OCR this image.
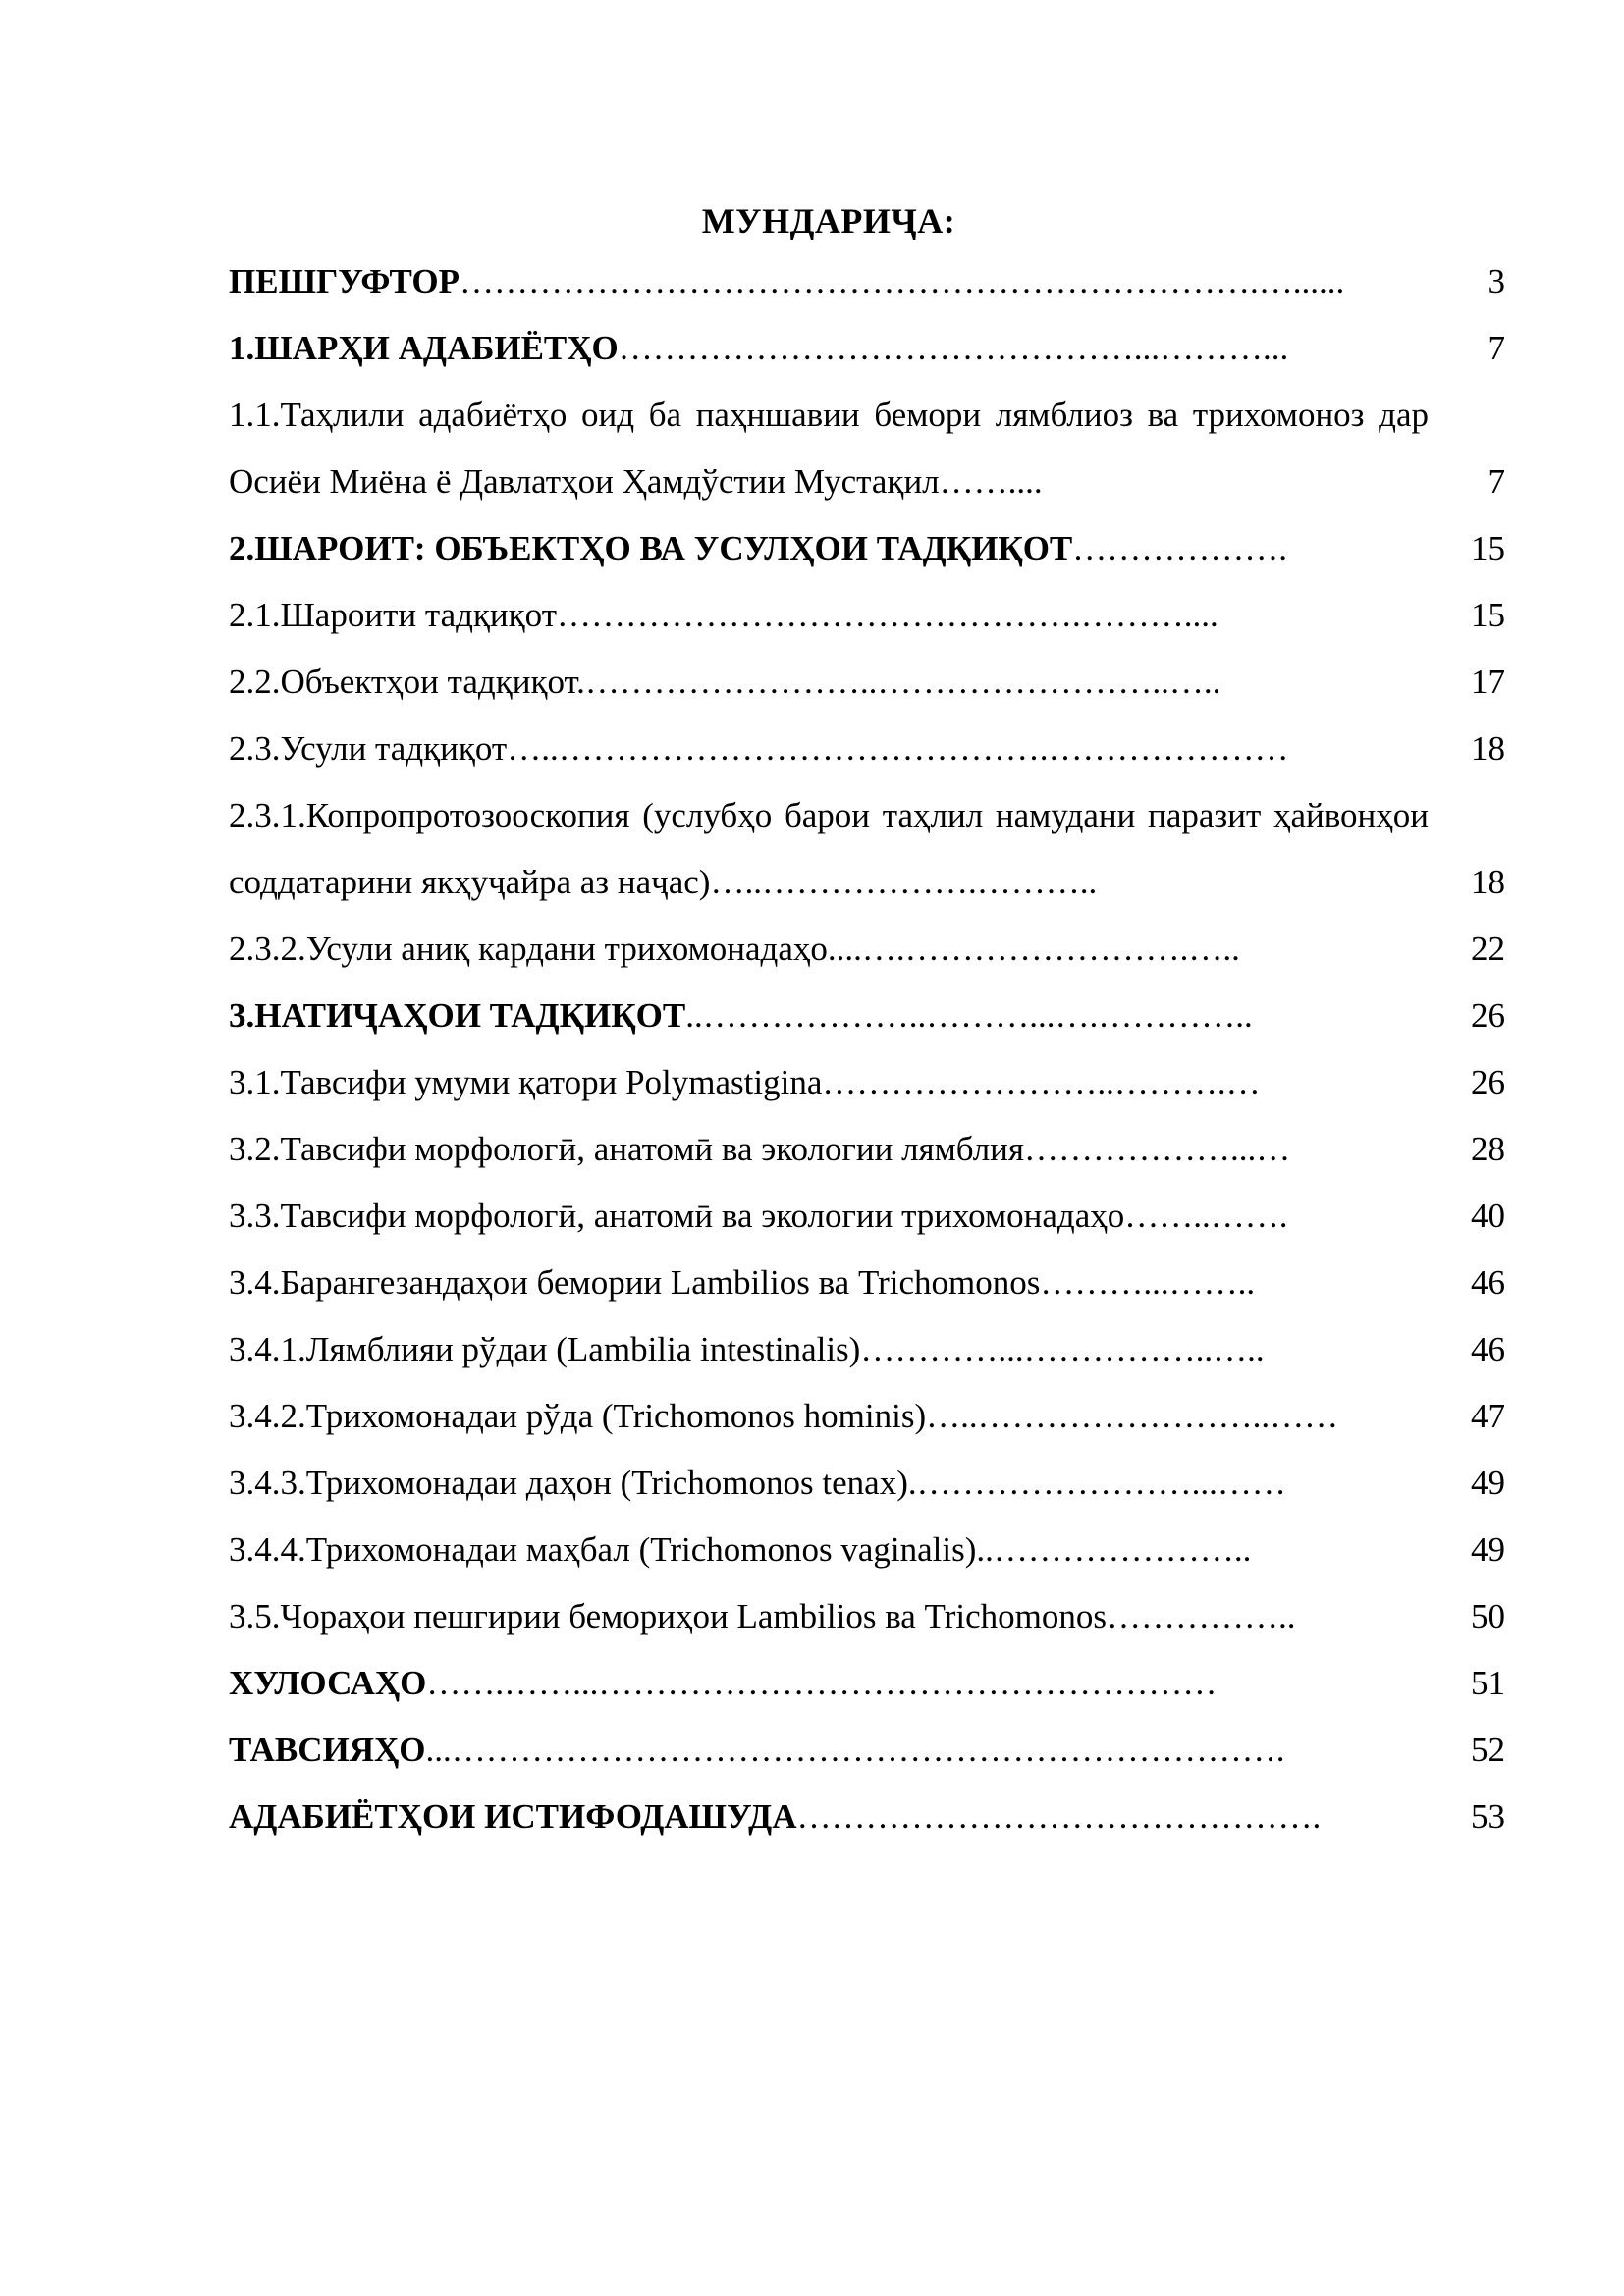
МУНДАРИҶА:
ПЕШГУФТОР…………………………………………………………….…......	3
1.ШАРҲИ АДАБИЁТҲО………………………………………...………...	7
1.1.Таҳлили адабиётҳо оид ба паҳншавии бемори лямблиоз ва трихомоноз дар Осиёи Миёна ё Давлатҳои Ҳамдўстии Мустақил……....	7
2.ШАРОИТ: ОБЪЕКТҲО ВА УСУЛҲОИ ТАДҚИҚОТ……………….	15
2.1.Шароити тадқиқот……………………………………….………....	15
2.2.Объектҳои тадқиқот.……………………..……………………..…..	17
2.3.Усули тадқиқот…..…………………………………….…………………	18
2.3.1.Копропротозооскопия (услубҳо барои таҳлил намудани паразит ҳайвонҳои соддатарини якҳуҷайра аз наҷас)…..……………….………..	18
2.3.2.Усули аниқ кардани трихомонадаҳо....….…………………….…..	22
3.НАТИҶАҲОИ ТАДҚИҚОТ..………………..………...….…………..	26
3.1.Тавсифи умуми қатори Polymastigina……………………..……….…	26
3.2.Тавсифи морфологӣ, анатомӣ ва экологии лямблия………………...…	28
3.3.Тавсифи морфологӣ, анатомӣ ва экологии трихомонадаҳо……..…….	40
3.4.Барангезандаҳои бемории Lambilios ва Trichomonos………...……..	46
3.4.1.Лямблияи рўдаи (Lambilia intestinalis)…………...……………..…..	46
3.4.2.Трихомонадаи рўда (Trichomonos hominis)…..……………………..……	47
3.4.3.Трихомонадаи даҳон (Trichomonos tenax).……………………...……	49
3.4.4.Трихомонадаи маҳбал (Trichomonos vaginalis)..…………………..	49
3.5.Чораҳои пешгирии бемориҳои Lambilios ва Trichomonos……………..	50
ХУЛОСАҲО…….……...………………………………………………	51
ТАВСИЯҲО...……………………………………………………………….	52
АДАБИЁТҲОИ ИСТИФОДАШУДА……………………………………….	53
